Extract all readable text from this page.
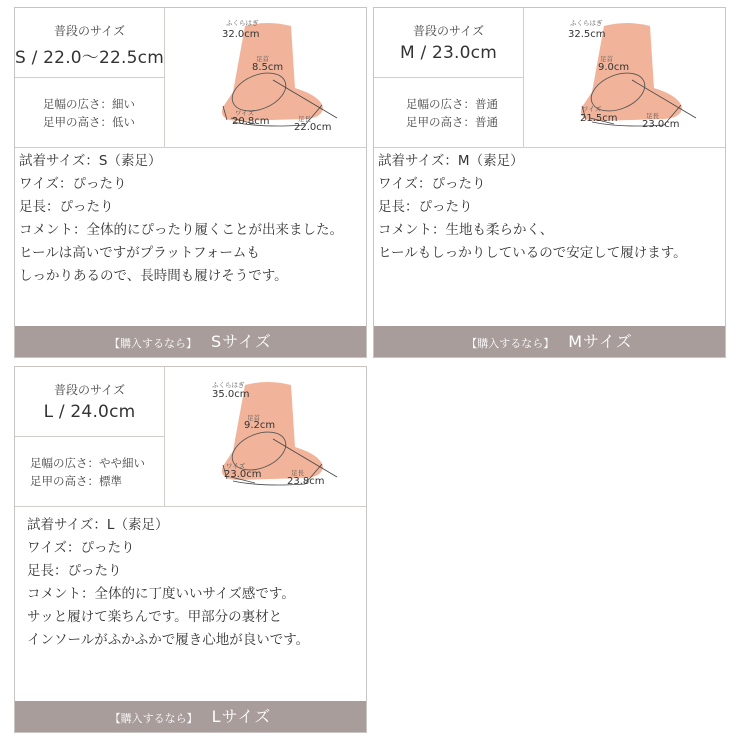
普段のサイズ
S / 22.0〜22.5cm
足幅の広さ：細い
足甲の高さ：低い
ふくらはぎ
32.0cm
足首
8.5cm
ワイズ
20.8cm	足長
22.0cm
試着サイズ：S（素足）
ワイズ：ぴったり
足長：ぴったり
コメント：全体的にぴったり履くことが出来ました。
ヒールは高いですがプラットフォームも
しっかりあるので、長時間も履けそうです。
【購入するなら】 Sサイズ
普段のサイズ
M / 23.0cm
足幅の広さ：普通
足甲の高さ：普通
ふくらはぎ
32.5cm
足首
9.0cm
ワイズ
21.5cm	足長
23.0cm
試着サイズ：M（素足）
ワイズ：ぴったり
足長：ぴったり
コメント：生地も柔らかく、
ヒールもしっかりしているので安定して履けます。
【購入するなら】 Mサイズ
普段のサイズ
L / 24.0cm
足幅の広さ：やや細い
足甲の高さ：標準
ふくらはぎ
35.0cm
足首
9.2cm
ワイズ
23.0cm	足長
23.8cm
試着サイズ：L（素足）
ワイズ：ぴったり
足長：ぴったり
コメント：全体的に丁度いいサイズ感です。
サッと履けて楽ちんです。甲部分の裏材と
インソールがふかふかで履き心地が良いです。
【購入するなら】 Lサイズ
